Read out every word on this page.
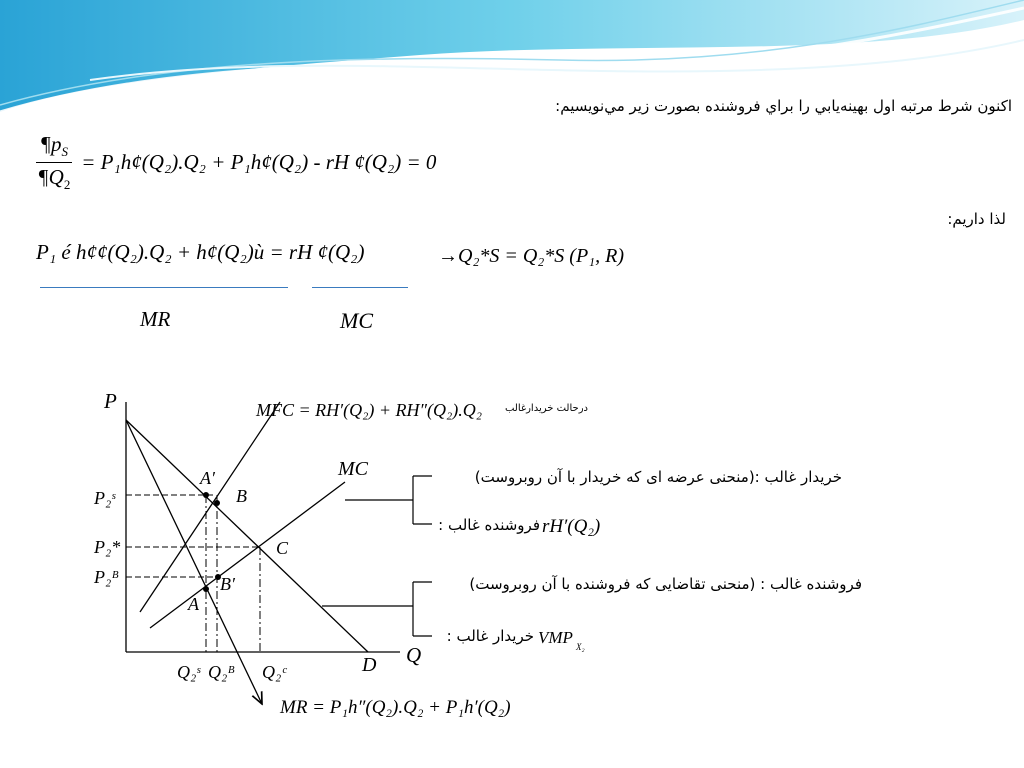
اکنون شرط مرتبه اول بهينه‌يابي را براي فروشنده بصورت زير مي‌نويسيم:
$\frac{\P p_S}{\P Q_2}$ = P₁h¢(Q₂).Q₂ + P₁h¢(Q₂) - rH ¢(Q₂) = 0
لذا داریم:
P₁ é h¢¢(Q₂).Q₂ + h¢(Q₂)ù = rH ¢(Q₂)	→Q₂*S = Q₂*S (P₁, R)
MR	MC
P
Q
D
MR = P₁h″(Q₂).Q₂ + P₁h′(Q₂)
MFC = RH′(Q₂) + RH″(Q₂).Q₂ درحالت خریدارغالب
MC
A′
B
C
B′
A
P₂ˢ
P₂*
P₂ᴮ
Q₂ˢ Q₂ᴮ Q₂ᶜ
(منحنی عرضه ای که خریدار با آن روبروست): خریدار غالب
rH′(Q₂)
: فروشنده غالب
(منحنی تقاضایی که فروشنده با آن روبروست) : فروشنده غالب
VMP X₂
: خریدار غالب
